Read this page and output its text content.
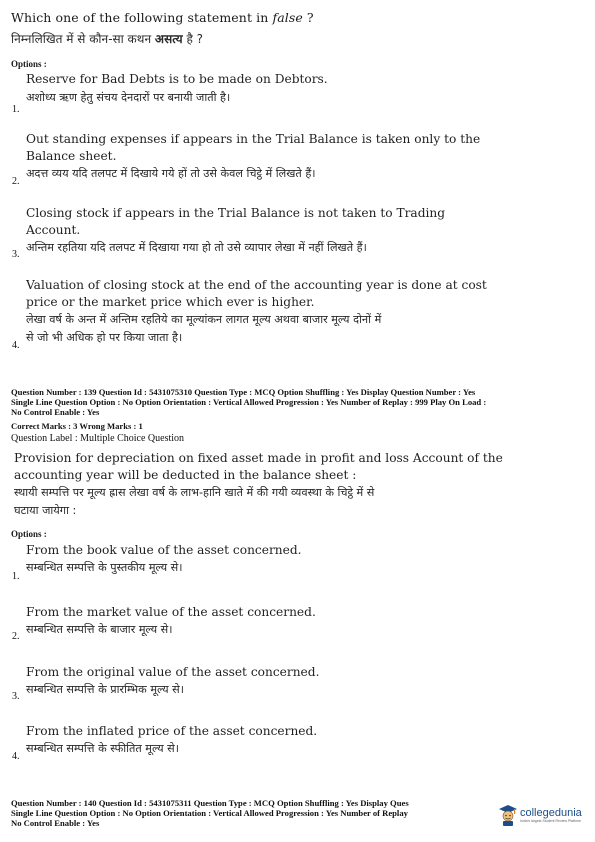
Which one of the following statement in false ?
निम्नलिखित में से कौन-सा कथन असत्य है ?
Options :
Reserve for Bad Debts is to be made on Debtors.
अशोध्य ऋण हेतु संचय देनदारों पर बनायी जाती है।
1.
Out standing expenses if appears in the Trial Balance is taken only to the
Balance sheet.
अदत्त व्यय यदि तलपट में दिखाये गये हों तो उसे केवल चिट्ठे में लिखते हैं।
2.
Closing stock if appears in the Trial Balance is not taken to Trading
Account.
अन्तिम रहतिया यदि तलपट में दिखाया गया हो तो उसे व्यापार लेखा में नहीं लिखते हैं।
3.
Valuation of closing stock at the end of the accounting year is done at cost
price or the market price which ever is higher.
लेखा वर्ष के अन्त में अन्तिम रहतिये का मूल्यांकन लागत मूल्य अथवा बाजार मूल्य दोनों में
से जो भी अधिक हो पर किया जाता है।
4.
Question Number : 139 Question Id : 5431075310 Question Type : MCQ Option Shuffling : Yes Display Question Number : Yes
Single Line Question Option : No Option Orientation : Vertical Allowed Progression : Yes Number of Replay : 999 Play On Load :
No Control Enable : Yes
Correct Marks : 3 Wrong Marks : 1
Question Label : Multiple Choice Question
Provision for depreciation on fixed asset made in profit and loss Account of the
accounting year will be deducted in the balance sheet :
स्थायी सम्पत्ति पर मूल्य ह्रास लेखा वर्ष के लाभ-हानि खाते में की गयी व्यवस्था के चिट्ठे में से
घटाया जायेगा :
Options :
From the book value of the asset concerned.
सम्बन्धित सम्पत्ति के पुस्तकीय मूल्य से।
1.
From the market value of the asset concerned.
सम्बन्धित सम्पत्ति के बाजार मूल्य से।
2.
From the original value of the asset concerned.
सम्बन्धित सम्पत्ति के प्रारम्भिक मूल्य से।
3.
From the inflated price of the asset concerned.
सम्बन्धित सम्पत्ति के स्फीतित मूल्य से।
4.
Question Number : 140 Question Id : 5431075311 Question Type : MCQ Option Shuffling : Yes Display Ques
Single Line Question Option : No Option Orientation : Vertical Allowed Progression : Yes Number of Replay
No Control Enable : Yes
collegedunia
India's largest Student Review Platform
